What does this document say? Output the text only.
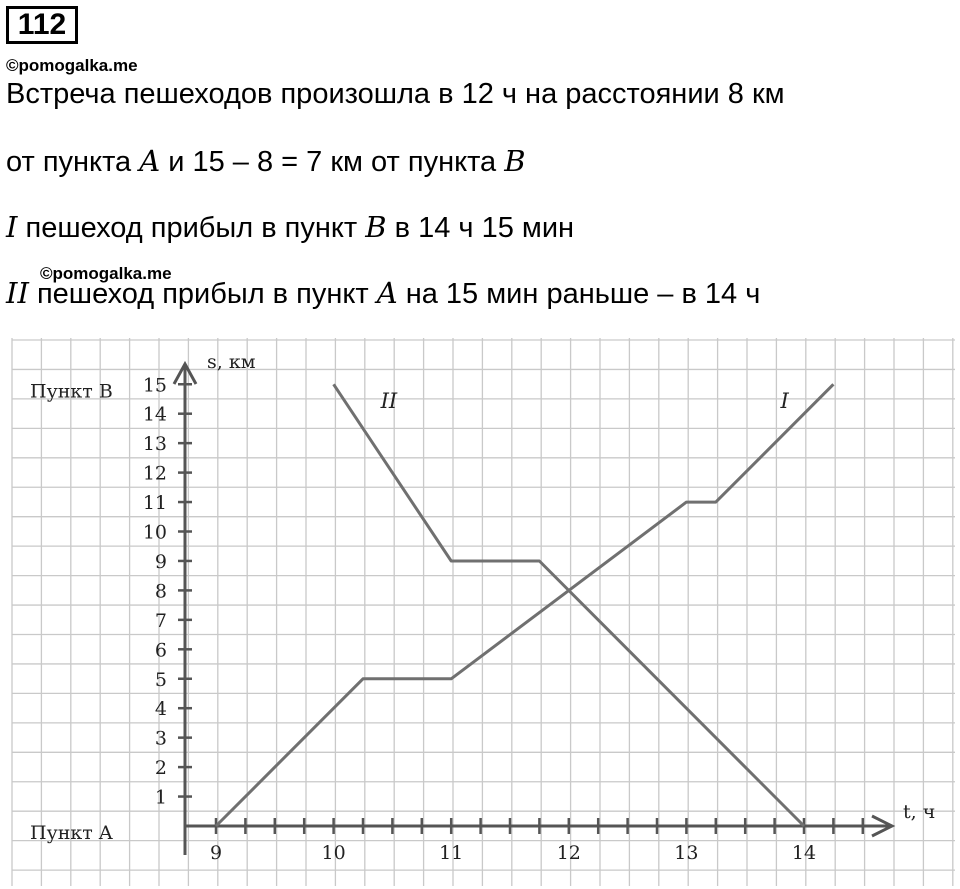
112
©pomogalka.me
Встреча пешеходов произошла в 12 ч на расстоянии 8 км
от пункта A и 15 – 8 = 7 км от пункта B
I пешеход прибыл в пункт B в 14 ч 15 мин
II пешеход прибыл в пункт A на 15 мин раньше – в 14 ч
1
2
3
4
5
6
7
8
9
10
11
12
13
14
15
9	10	11	12	13	14
s, км
t, ч
Пункт B
Пункт A
II	I
©pomogalka.me
